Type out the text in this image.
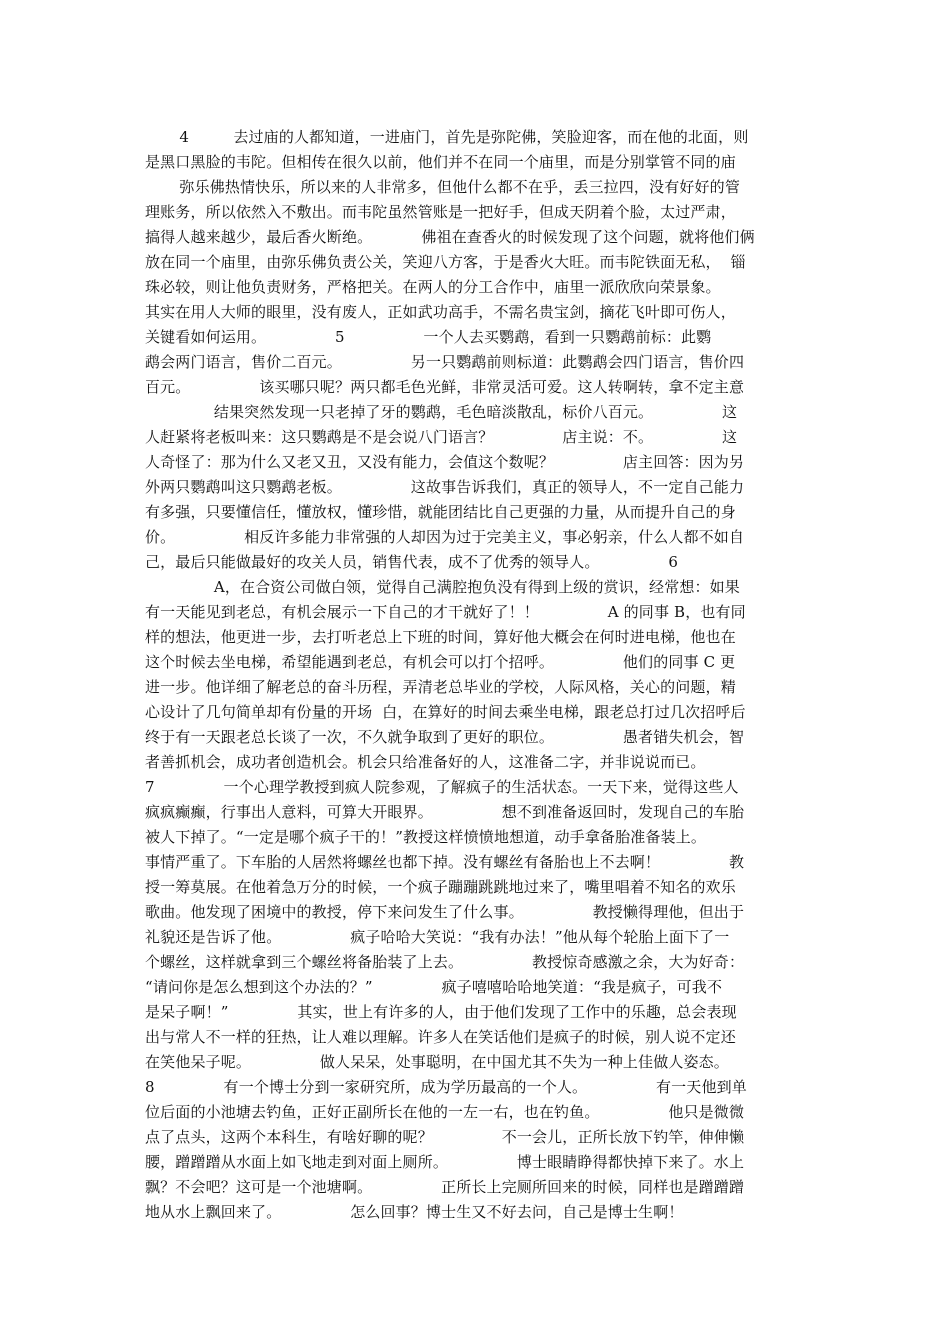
4         去过庙的人都知道，一进庙门，首先是弥陀佛，笑脸迎客，而在他的北面，则
是黑口黑脸的韦陀。但相传在很久以前，他们并不在同一个庙里，而是分别掌管不同的庙
弥乐佛热情快乐，所以来的人非常多，但他什么都不在乎，丢三拉四，没有好好的管
理账务，所以依然入不敷出。而韦陀虽然管账是一把好手，但成天阴着个脸，太过严肃，
搞得人越来越少，最后香火断绝。          佛祖在查香火的时候发现了这个问题，就将他们俩
放在同一个庙里，由弥乐佛负责公关，笑迎八方客，于是香火大旺。而韦陀铁面无私，  锱
珠必较，则让他负责财务，严格把关。在两人的分工合作中，庙里一派欣欣向荣景象。
其实在用人大师的眼里，没有废人，正如武功高手，不需名贵宝剑，摘花飞叶即可伤人，
关键看如何运用。              5                一个人去买鹦鹉，看到一只鹦鹉前标：此鹦
鹉会两门语言，售价二百元。              另一只鹦鹉前则标道：此鹦鹉会四门语言，售价四
百元。              该买哪只呢？两只都毛色光鲜，非常灵活可爱。这人转啊转，拿不定主意
结果突然发现一只老掉了牙的鹦鹉，毛色暗淡散乱，标价八百元。              这
人赶紧将老板叫来：这只鹦鹉是不是会说八门语言？              店主说：不。              这
人奇怪了：那为什么又老又丑，又没有能力，会值这个数呢？              店主回答：因为另
外两只鹦鹉叫这只鹦鹉老板。              这故事告诉我们，真正的领导人，不一定自己能力
有多强，只要懂信任，懂放权，懂珍惜，就能团结比自己更强的力量，从而提升自己的身
价。              相反许多能力非常强的人却因为过于完美主义，事必躬亲，什么人都不如自
己，最后只能做最好的攻关人员，销售代表，成不了优秀的领导人。              6
A，在合资公司做白领，觉得自己满腔抱负没有得到上级的赏识，经常想：如果
有一天能见到老总，有机会展示一下自己的才干就好了！！              A 的同事 B，也有同
样的想法，他更进一步，去打听老总上下班的时间，算好他大概会在何时进电梯，他也在
这个时候去坐电梯，希望能遇到老总，有机会可以打个招呼。              他们的同事 C 更
进一步。他详细了解老总的奋斗历程，弄清老总毕业的学校，人际风格，关心的问题，精
心设计了几句简单却有份量的开场  白，在算好的时间去乘坐电梯，跟老总打过几次招呼后
终于有一天跟老总长谈了一次，不久就争取到了更好的职位。              愚者错失机会，智
者善抓机会，成功者创造机会。机会只给准备好的人，这准备二字，并非说说而已。
7              一个心理学教授到疯人院参观，了解疯子的生活状态。一天下来，觉得这些人
疯疯癫癫，行事出人意料，可算大开眼界。              想不到准备返回时，发现自己的车胎
被人下掉了。“一定是哪个疯子干的！”教授这样愤愤地想道，动手拿备胎准备装上。
事情严重了。下车胎的人居然将螺丝也都下掉。没有螺丝有备胎也上不去啊！              教
授一筹莫展。在他着急万分的时候，一个疯子蹦蹦跳跳地过来了，嘴里唱着不知名的欢乐
歌曲。他发现了困境中的教授，停下来问发生了什么事。              教授懒得理他，但出于
礼貌还是告诉了他。              疯子哈哈大笑说：“我有办法！”他从每个轮胎上面下了一
个螺丝，这样就拿到三个螺丝将备胎装了上去。              教授惊奇感激之余，大为好奇：
“请问你是怎么想到这个办法的？”              疯子嘻嘻哈哈地笑道：“我是疯子，可我不
是呆子啊！”              其实，世上有许多的人，由于他们发现了工作中的乐趣，总会表现
出与常人不一样的狂热，让人难以理解。许多人在笑话他们是疯子的时候，别人说不定还
在笑他呆子呢。              做人呆呆，处事聪明，在中国尤其不失为一种上佳做人姿态。
8              有一个博士分到一家研究所，成为学历最高的一个人。              有一天他到单
位后面的小池塘去钓鱼，正好正副所长在他的一左一右，也在钓鱼。              他只是微微
点了点头，这两个本科生，有啥好聊的呢？              不一会儿，正所长放下钓竿，伸伸懒
腰，蹭蹭蹭从水面上如飞地走到对面上厕所。              博士眼睛睁得都快掉下来了。水上
飘？不会吧？这可是一个池塘啊。              正所长上完厕所回来的时候，同样也是蹭蹭蹭
地从水上飘回来了。              怎么回事？博士生又不好去问，自己是博士生啊！
